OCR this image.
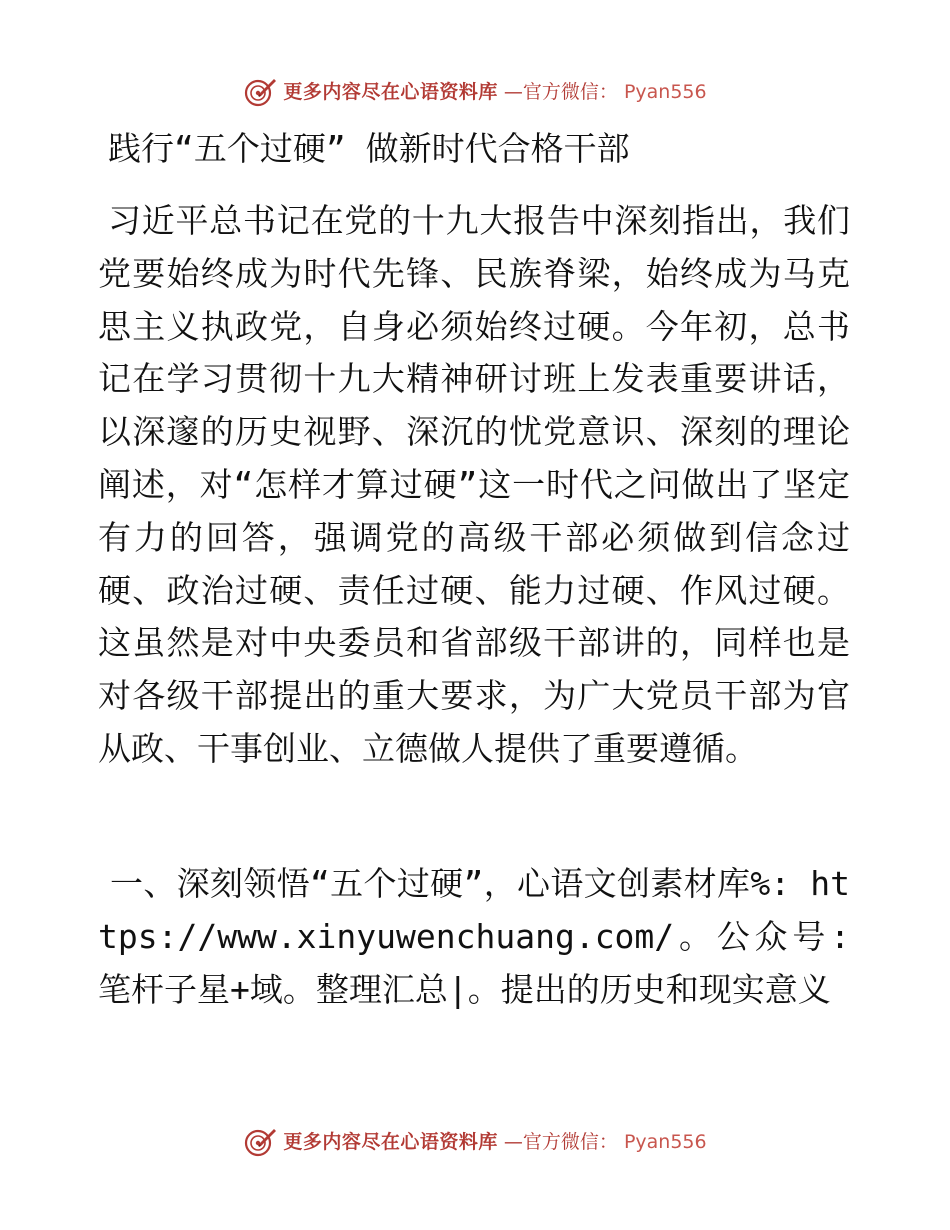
更多内容尽在心语资料库 —官方微信： Pyan556
践行“五个过硬” 做新时代合格干部
习近平总书记在党的十九大报告中深刻指出，我们党要始终成为时代先锋、民族脊梁，始终成为马克思主义执政党，自身必须始终过硬。今年初，总书记在学习贯彻十九大精神研讨班上发表重要讲话，以深邃的历史视野、深沉的忧党意识、深刻的理论阐述，对“怎样才算过硬”这一时代之问做出了坚定有力的回答，强调党的高级干部必须做到信念过硬、政治过硬、责任过硬、能力过硬、作风过硬。这虽然是对中央委员和省部级干部讲的，同样也是对各级干部提出的重大要求，为广大党员干部为官从政、干事创业、立德做人提供了重要遵循。
一、深刻领悟“五个过硬”，心语文创素材库%: https://www.xinyuwenchuang.com/。公众号: 笔杆子星+域。整理汇总|。提出的历史和现实意义
更多内容尽在心语资料库 —官方微信： Pyan556
